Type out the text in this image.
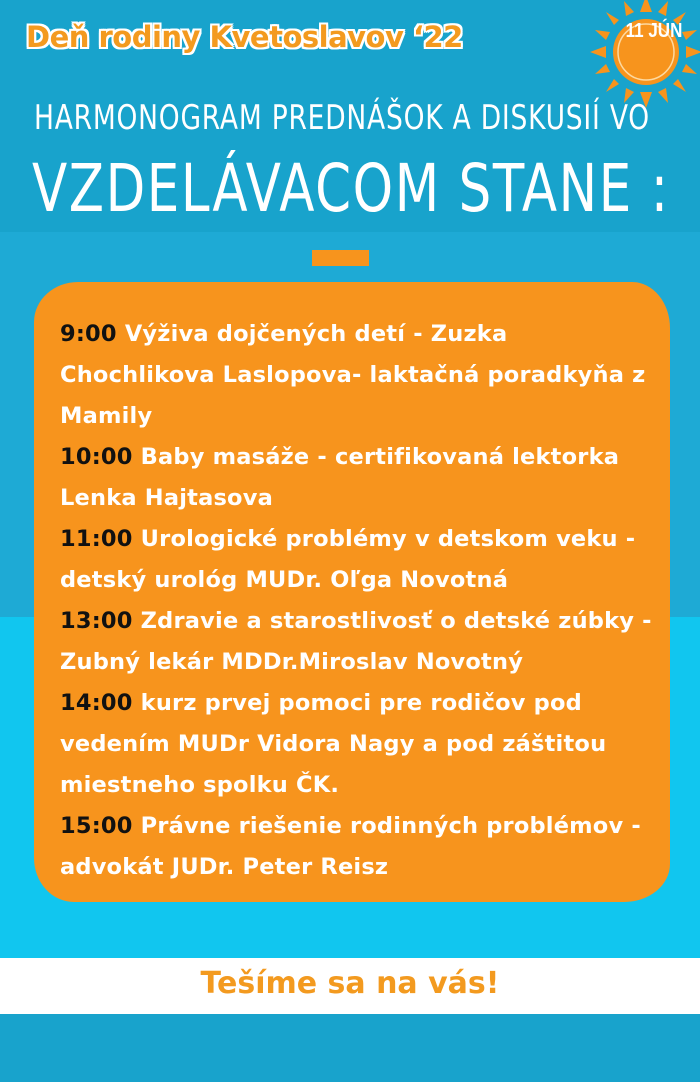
Deň rodiny Kvetoslavov ‘22	11 JÚN
HARMONOGRAM PREDNÁŠOK A DISKUSIÍ VO
VZDELÁVACOM STANE :
9:00 Výživa dojčených detí - Zuzka Chochlikova Laslopova- laktačná poradkyňa z Mamily
10:00 Baby masáže - certifikovaná lektorka Lenka Hajtasova
11:00 Urologické problémy v detskom veku - detský urológ MUDr. Oľga Novotná
13:00 Zdravie a starostlivosť o detské zúbky - Zubný lekár MDDr.Miroslav Novotný
14:00 kurz prvej pomoci pre rodičov pod vedením MUDr Vidora Nagy a pod záštitou miestneho spolku ČK.
15:00 Právne riešenie rodinných problémov - advokát JUDr. Peter Reisz
Tešíme sa na vás!
